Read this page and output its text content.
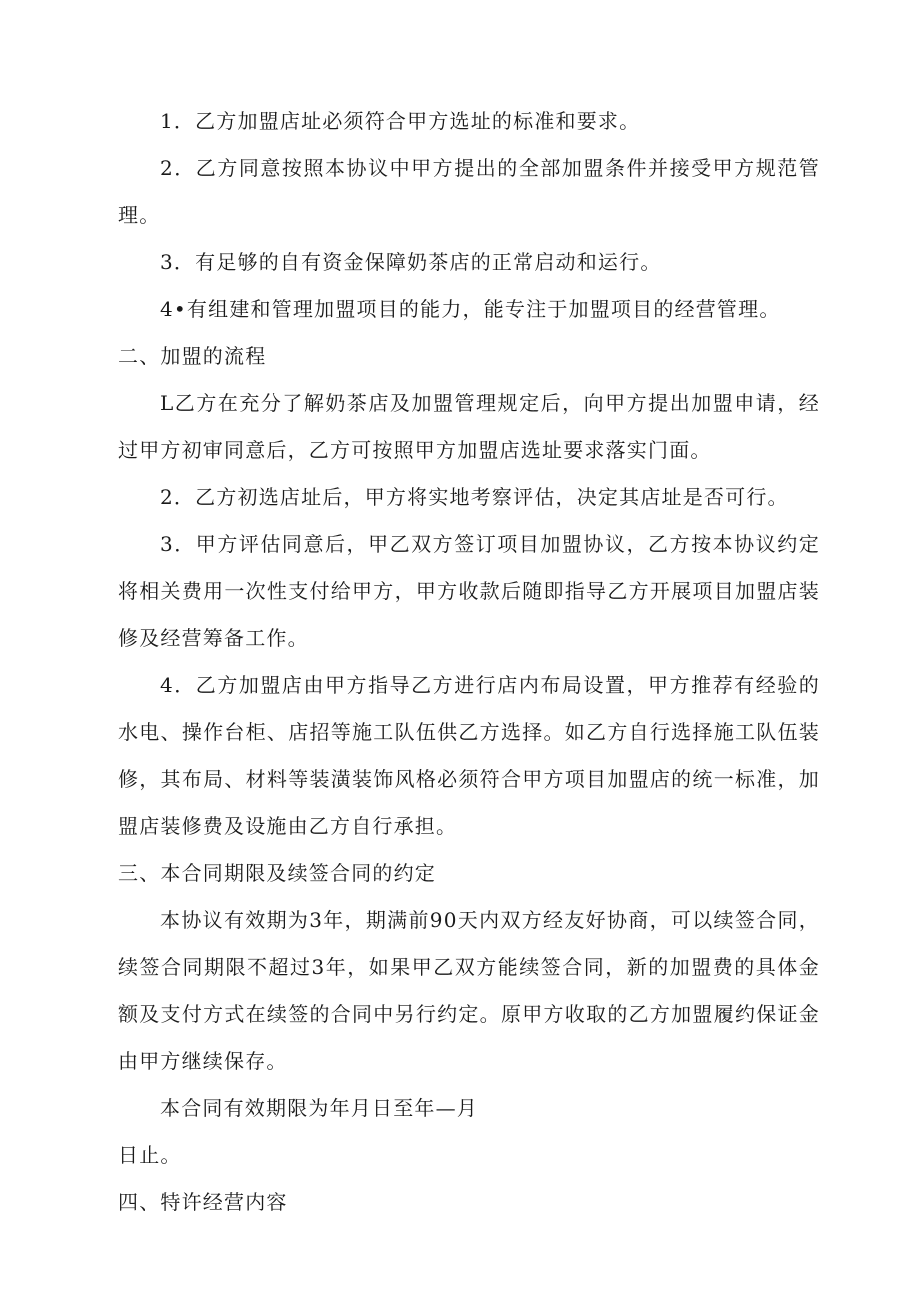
1．乙方加盟店址必须符合甲方选址的标准和要求。

2．乙方同意按照本协议中甲方提出的全部加盟条件并接受甲方规范管理。

3．有足够的自有资金保障奶茶店的正常启动和运行。

4•有组建和管理加盟项目的能力，能专注于加盟项目的经营管理。

二、加盟的流程

L乙方在充分了解奶茶店及加盟管理规定后，向甲方提出加盟申请，经过甲方初审同意后，乙方可按照甲方加盟店选址要求落实门面。

2．乙方初选店址后，甲方将实地考察评估，决定其店址是否可行。

3．甲方评估同意后，甲乙双方签订项目加盟协议，乙方按本协议约定将相关费用一次性支付给甲方，甲方收款后随即指导乙方开展项目加盟店装修及经营筹备工作。

4．乙方加盟店由甲方指导乙方进行店内布局设置，甲方推荐有经验的水电、操作台柜、店招等施工队伍供乙方选择。如乙方自行选择施工队伍装修，其布局、材料等装潢装饰风格必须符合甲方项目加盟店的统一标准，加盟店装修费及设施由乙方自行承担。

三、本合同期限及续签合同的约定

本协议有效期为3年，期满前90天内双方经友好协商，可以续签合同，续签合同期限不超过3年，如果甲乙双方能续签合同，新的加盟费的具体金额及支付方式在续签的合同中另行约定。原甲方收取的乙方加盟履约保证金由甲方继续保存。

本合同有效期限为年月日至年—月

日止。

四、特许经营内容
